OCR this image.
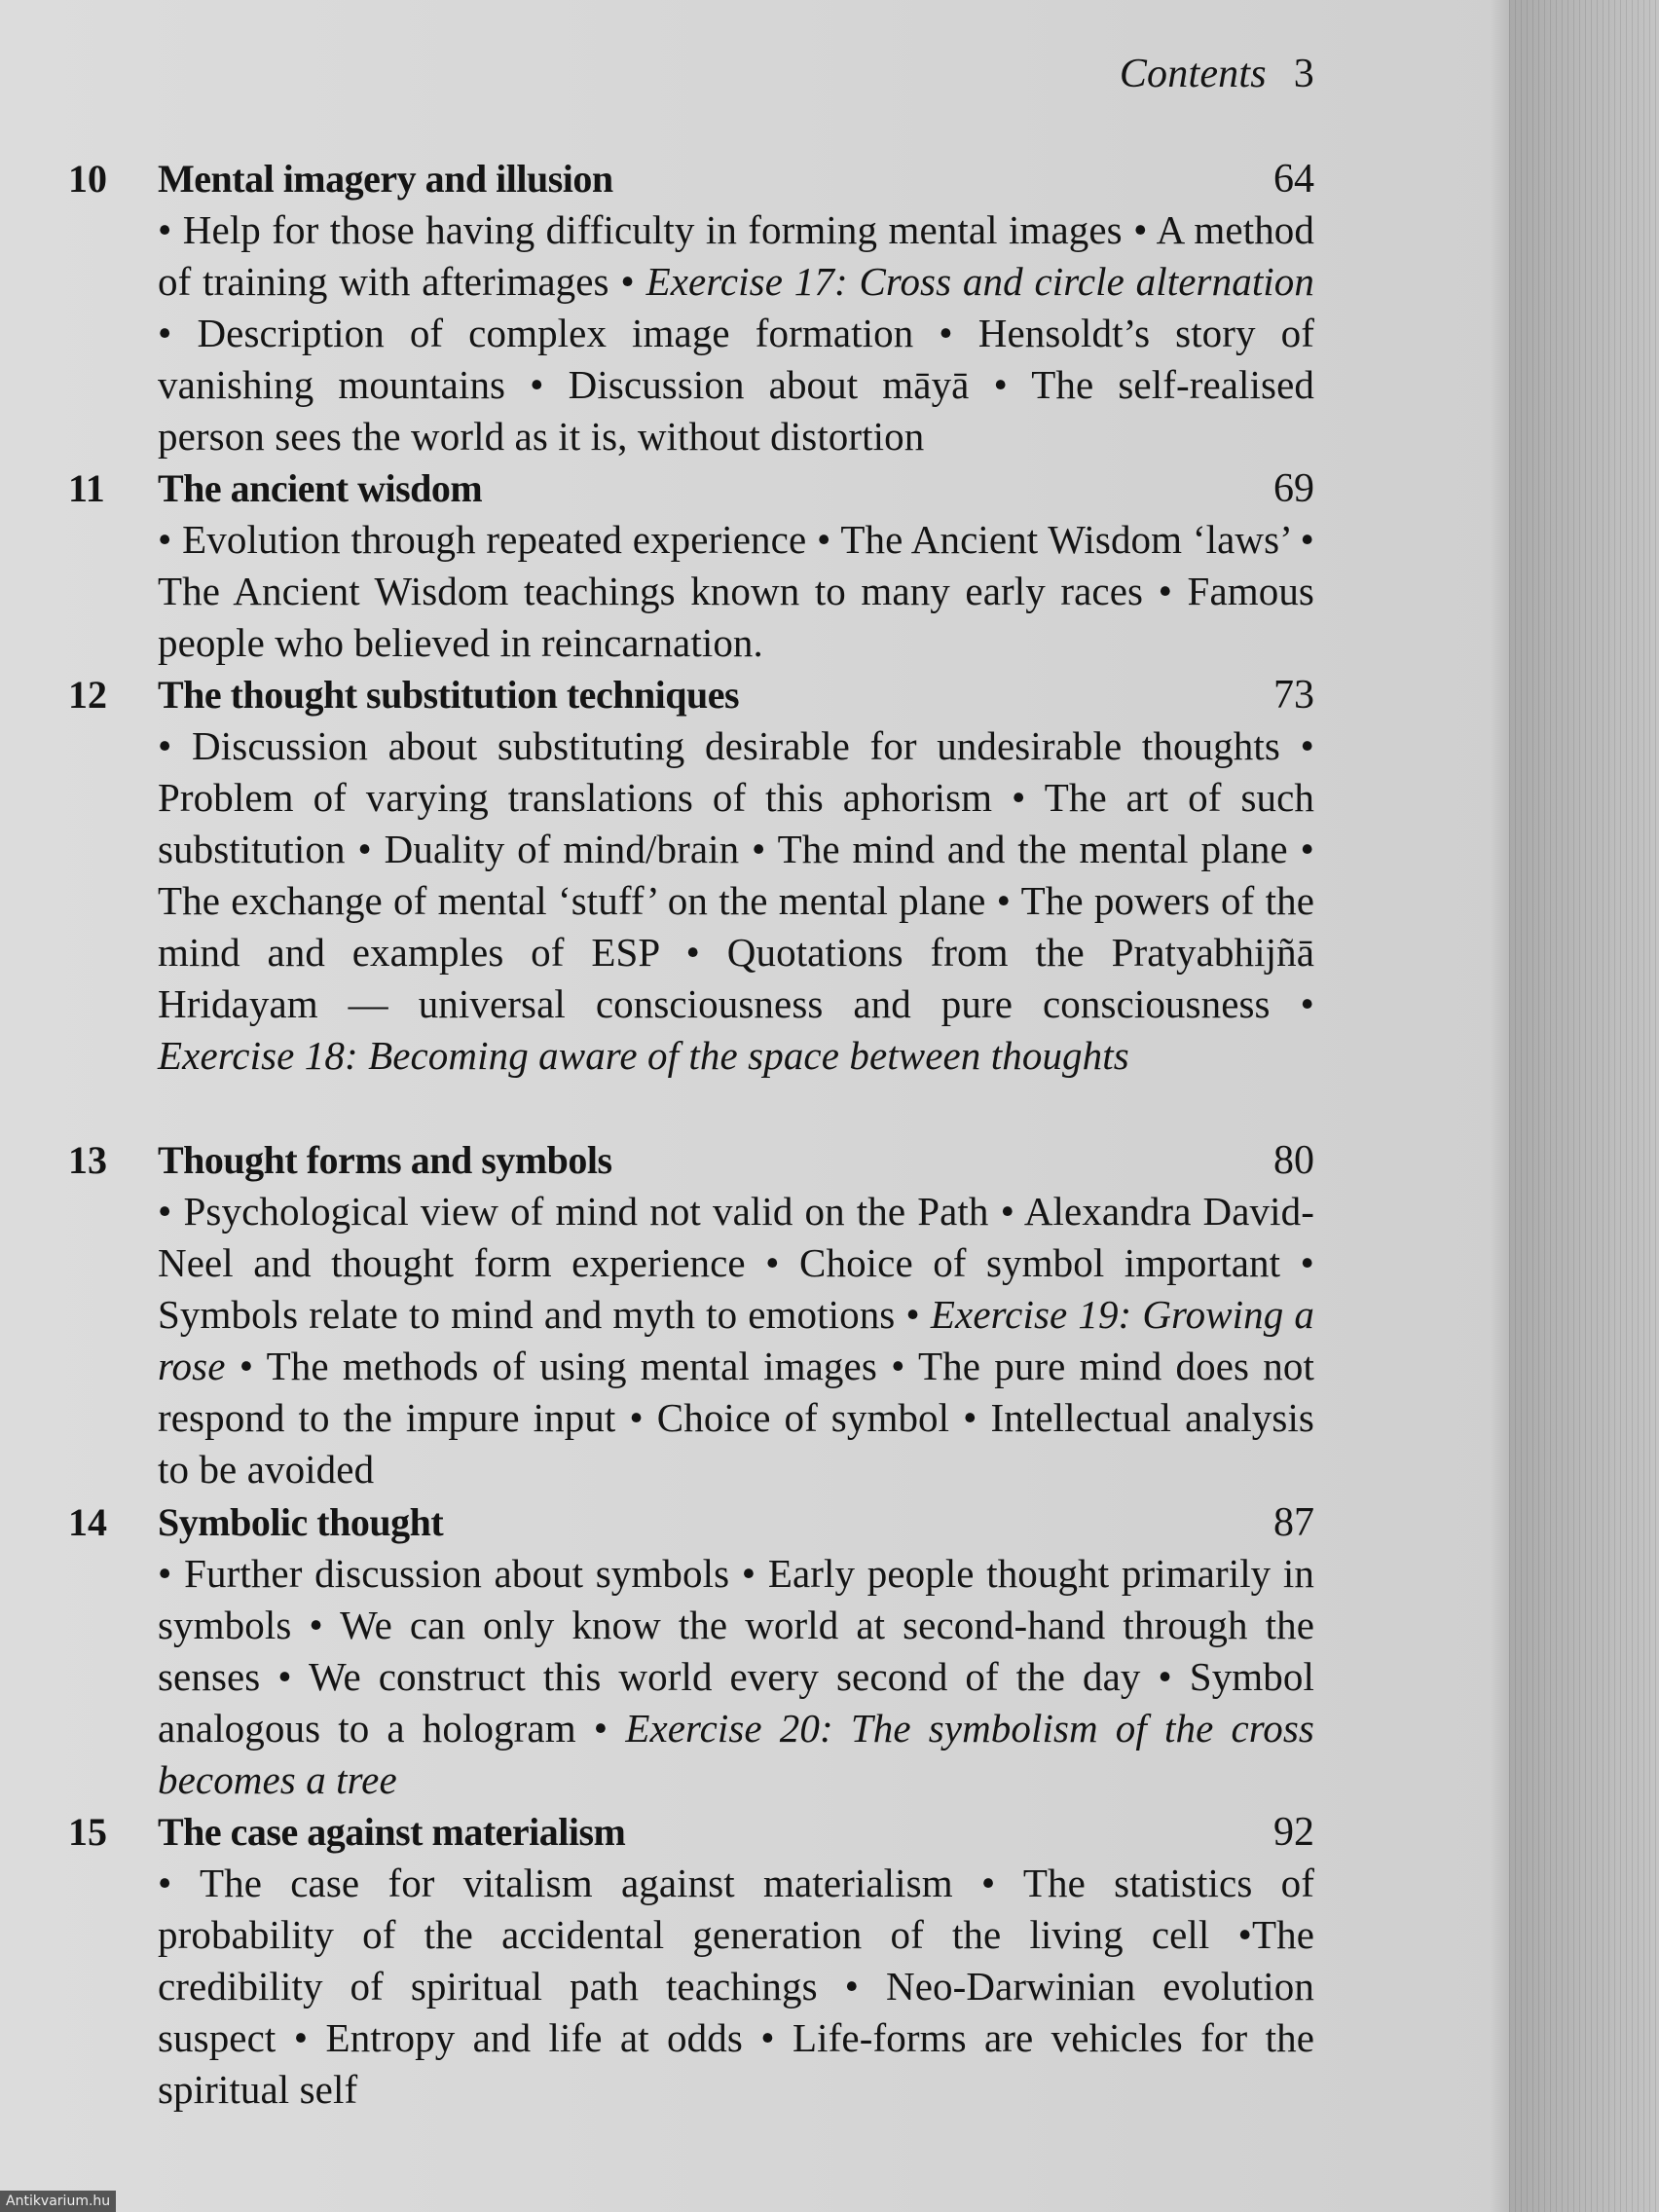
Contents 3
10	Mental imagery and illusion	64
• Help for those having difficulty in forming mental images • A method of training with afterimages • Exercise 17: Cross and circle alternation • Description of complex image formation • Hensoldt’s story of vanishing mountains • Discussion about māyā • The self-realised person sees the world as it is, without distortion
11	The ancient wisdom	69
• Evolution through repeated experience • The Ancient Wisdom ‘laws’ • The Ancient Wisdom teachings known to many early races • Famous people who believed in reincarnation.
12	The thought substitution techniques	73
• Discussion about substituting desirable for undesirable thoughts • Problem of varying translations of this aphorism • The art of such substitution • Duality of mind/brain • The mind and the mental plane • The exchange of mental ‘stuff’ on the mental plane • The powers of the mind and examples of ESP • Quotations from the Pratyabhijñā Hridayam — universal consciousness and pure consciousness • Exercise 18: Becoming aware of the space between thoughts
13	Thought forms and symbols	80
• Psychological view of mind not valid on the Path • Alexandra David-Neel and thought form experience • Choice of symbol important • Symbols relate to mind and myth to emotions • Exercise 19: Growing a rose • The methods of using mental images • The pure mind does not respond to the impure input • Choice of symbol • Intellectual analysis to be avoided
14	Symbolic thought	87
• Further discussion about symbols • Early people thought primarily in symbols • We can only know the world at second-hand through the senses • We construct this world every second of the day • Symbol analogous to a hologram • Exercise 20: The symbolism of the cross becomes a tree
15	The case against materialism	92
• The case for vitalism against materialism • The statistics of probability of the accidental generation of the living cell •The credibility of spiritual path teachings • Neo-Darwinian evolution suspect • Entropy and life at odds • Life-forms are vehicles for the spiritual self
Antikvarium.hu
